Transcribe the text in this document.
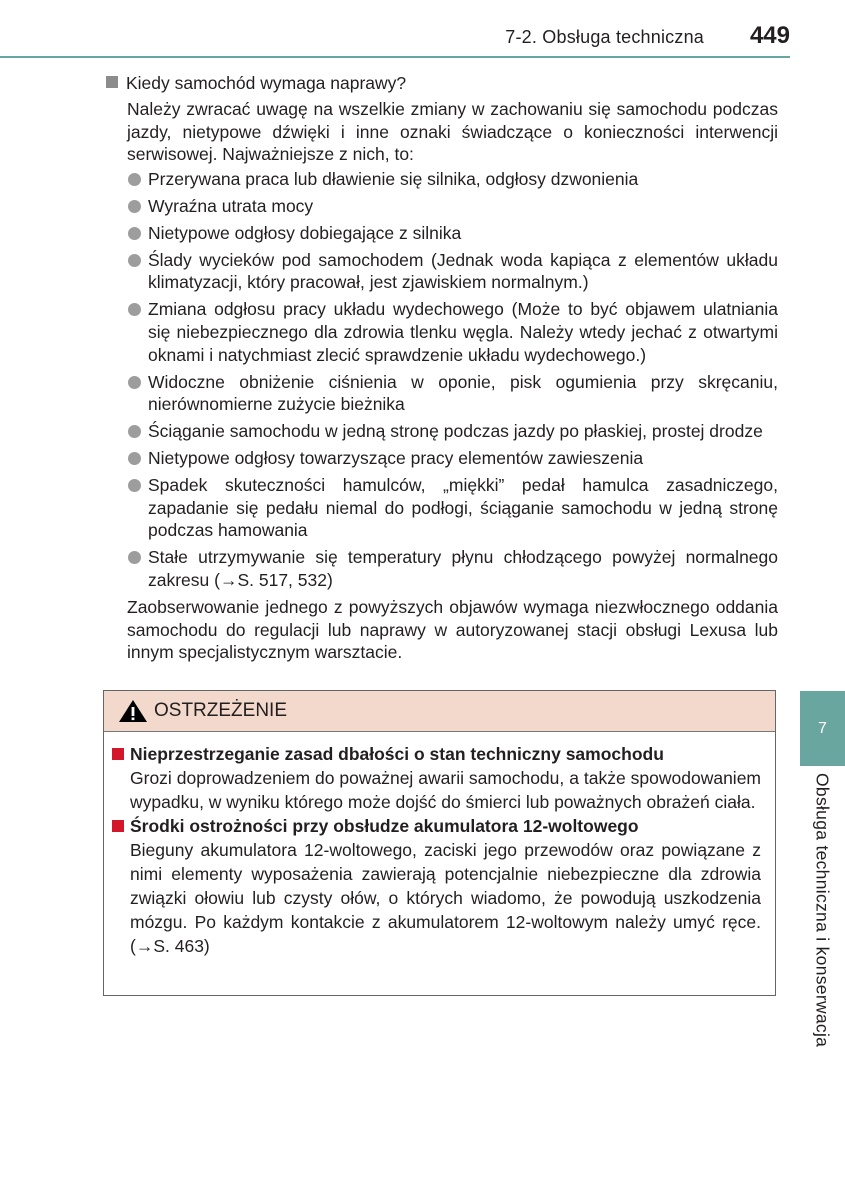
7-2. Obsługa techniczna 449
Kiedy samochód wymaga naprawy?
Należy zwracać uwagę na wszelkie zmiany w zachowaniu się samochodu podczas jazdy, nietypowe dźwięki i inne oznaki świadczące o konieczności interwencji serwisowej. Najważniejsze z nich, to:
Przerywana praca lub dławienie się silnika, odgłosy dzwonienia
Wyraźna utrata mocy
Nietypowe odgłosy dobiegające z silnika
Ślady wycieków pod samochodem (Jednak woda kapiąca z elementów układu klimatyzacji, który pracował, jest zjawiskiem normalnym.)
Zmiana odgłosu pracy układu wydechowego (Może to być objawem ulatniania się niebezpiecznego dla zdrowia tlenku węgla. Należy wtedy jechać z otwartymi oknami i natychmiast zlecić sprawdzenie układu wydechowego.)
Widoczne obniżenie ciśnienia w oponie, pisk ogumienia przy skręcaniu, nierównomierne zużycie bieżnika
Ściąganie samochodu w jedną stronę podczas jazdy po płaskiej, prostej drodze
Nietypowe odgłosy towarzyszące pracy elementów zawieszenia
Spadek skuteczności hamulców, „miękki” pedał hamulca zasadniczego, zapadanie się pedału niemal do podłogi, ściąganie samochodu w jedną stronę podczas hamowania
Stałe utrzymywanie się temperatury płynu chłodzącego powyżej normalnego zakresu (→S. 517, 532)
Zaobserwowanie jednego z powyższych objawów wymaga niezwłocznego oddania samochodu do regulacji lub naprawy w autoryzowanej stacji obsługi Lexusa lub innym specjalistycznym warsztacie.
OSTRZEŻENIE
Nieprzestrzeganie zasad dbałości o stan techniczny samochodu
Grozi doprowadzeniem do poważnej awarii samochodu, a także spowodowaniem wypadku, w wyniku którego może dojść do śmierci lub poważnych obrażeń ciała.
Środki ostrożności przy obsłudze akumulatora 12-woltowego
Bieguny akumulatora 12-woltowego, zaciski jego przewodów oraz powiązane z nimi elementy wyposażenia zawierają potencjalnie niebezpieczne dla zdrowia związki ołowiu lub czysty ołów, o których wiadomo, że powodują uszkodzenia mózgu. Po każdym kontakcie z akumulatorem 12-woltowym należy umyć ręce. (→S. 463)
7
Obsługa techniczna i konserwacja
